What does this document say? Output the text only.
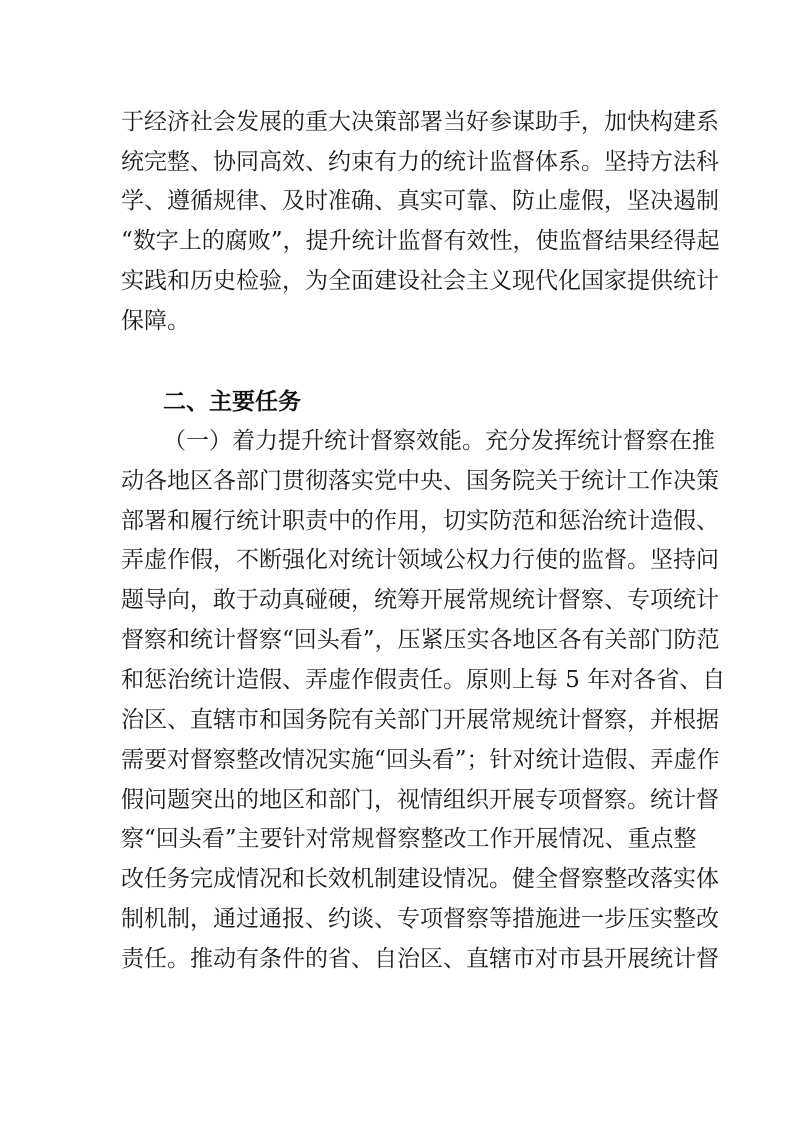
于经济社会发展的重大决策部署当好参谋助手，加快构建系
统完整、协同高效、约束有力的统计监督体系。坚持方法科
学、遵循规律、及时准确、真实可靠、防止虚假，坚决遏制
“数字上的腐败”，提升统计监督有效性，使监督结果经得起
实践和历史检验，为全面建设社会主义现代化国家提供统计
保障。
二、主要任务
（一）着力提升统计督察效能。充分发挥统计督察在推
动各地区各部门贯彻落实党中央、国务院关于统计工作决策
部署和履行统计职责中的作用，切实防范和惩治统计造假、
弄虚作假，不断强化对统计领域公权力行使的监督。坚持问
题导向，敢于动真碰硬，统筹开展常规统计督察、专项统计
督察和统计督察“回头看”，压紧压实各地区各有关部门防范
和惩治统计造假、弄虚作假责任。原则上每 5 年对各省、自
治区、直辖市和国务院有关部门开展常规统计督察，并根据
需要对督察整改情况实施“回头看”；针对统计造假、弄虚作
假问题突出的地区和部门，视情组织开展专项督察。统计督
察“回头看”主要针对常规督察整改工作开展情况、重点整
改任务完成情况和长效机制建设情况。健全督察整改落实体
制机制，通过通报、约谈、专项督察等措施进一步压实整改
责任。推动有条件的省、自治区、直辖市对市县开展统计督
